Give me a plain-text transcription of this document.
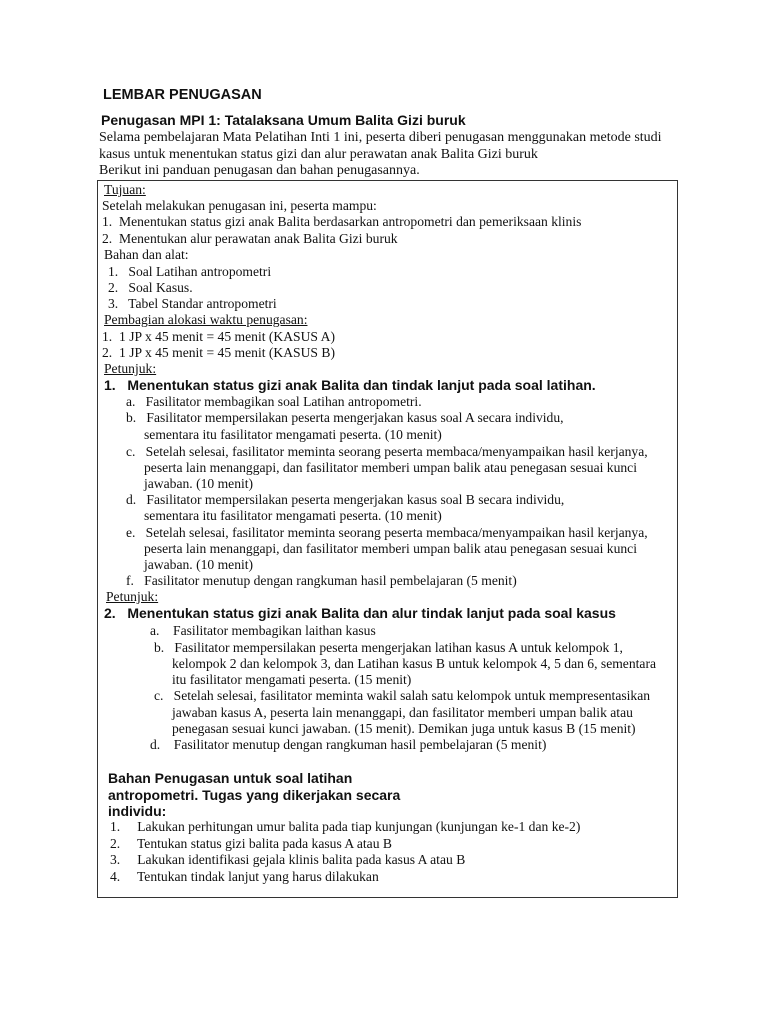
LEMBAR PENUGASAN
Penugasan MPI 1: Tatalaksana Umum Balita Gizi buruk
Selama pembelajaran Mata Pelatihan Inti 1 ini, peserta diberi penugasan menggunakan metode studi
kasus untuk menentukan status gizi dan alur perawatan anak Balita Gizi buruk
Berikut ini panduan penugasan dan bahan penugasannya.
Tujuan:
Setelah melakukan penugasan ini, peserta mampu:
1. Menentukan status gizi anak Balita berdasarkan antropometri dan pemeriksaan klinis
2. Menentukan alur perawatan anak Balita Gizi buruk
Bahan dan alat:
1. Soal Latihan antropometri
2. Soal Kasus.
3. Tabel Standar antropometri
Pembagian alokasi waktu penugasan:
1. 1 JP x 45 menit = 45 menit (KASUS A)
2. 1 JP x 45 menit = 45 menit (KASUS B)
Petunjuk:
1. Menentukan status gizi anak Balita dan tindak lanjut pada soal latihan.
a. Fasilitator membagikan soal Latihan antropometri.
b. Fasilitator mempersilakan peserta mengerjakan kasus soal A secara individu,
sementara itu fasilitator mengamati peserta. (10 menit)
c. Setelah selesai, fasilitator meminta seorang peserta membaca/menyampaikan hasil kerjanya,
peserta lain menanggapi, dan fasilitator memberi umpan balik atau penegasan sesuai kunci
jawaban. (10 menit)
d. Fasilitator mempersilakan peserta mengerjakan kasus soal B secara individu,
sementara itu fasilitator mengamati peserta. (10 menit)
e. Setelah selesai, fasilitator meminta seorang peserta membaca/menyampaikan hasil kerjanya,
peserta lain menanggapi, dan fasilitator memberi umpan balik atau penegasan sesuai kunci
jawaban. (10 menit)
f. Fasilitator menutup dengan rangkuman hasil pembelajaran (5 menit)
Petunjuk:
2. Menentukan status gizi anak Balita dan alur tindak lanjut pada soal kasus
a. Fasilitator membagikan laithan kasus
b. Fasilitator mempersilakan peserta mengerjakan latihan kasus A untuk kelompok 1,
kelompok 2 dan kelompok 3, dan Latihan kasus B untuk kelompok 4, 5 dan 6, sementara
itu fasilitator mengamati peserta. (15 menit)
c. Setelah selesai, fasilitator meminta wakil salah satu kelompok untuk mempresentasikan
jawaban kasus A, peserta lain menanggapi, dan fasilitator memberi umpan balik atau
penegasan sesuai kunci jawaban. (15 menit). Demikan juga untuk kasus B (15 menit)
d. Fasilitator menutup dengan rangkuman hasil pembelajaran (5 menit)
Bahan Penugasan untuk soal latihan
antropometri. Tugas yang dikerjakan secara
individu:
1. Lakukan perhitungan umur balita pada tiap kunjungan (kunjungan ke-1 dan ke-2)
2. Tentukan status gizi balita pada kasus A atau B
3. Lakukan identifikasi gejala klinis balita pada kasus A atau B
4. Tentukan tindak lanjut yang harus dilakukan
